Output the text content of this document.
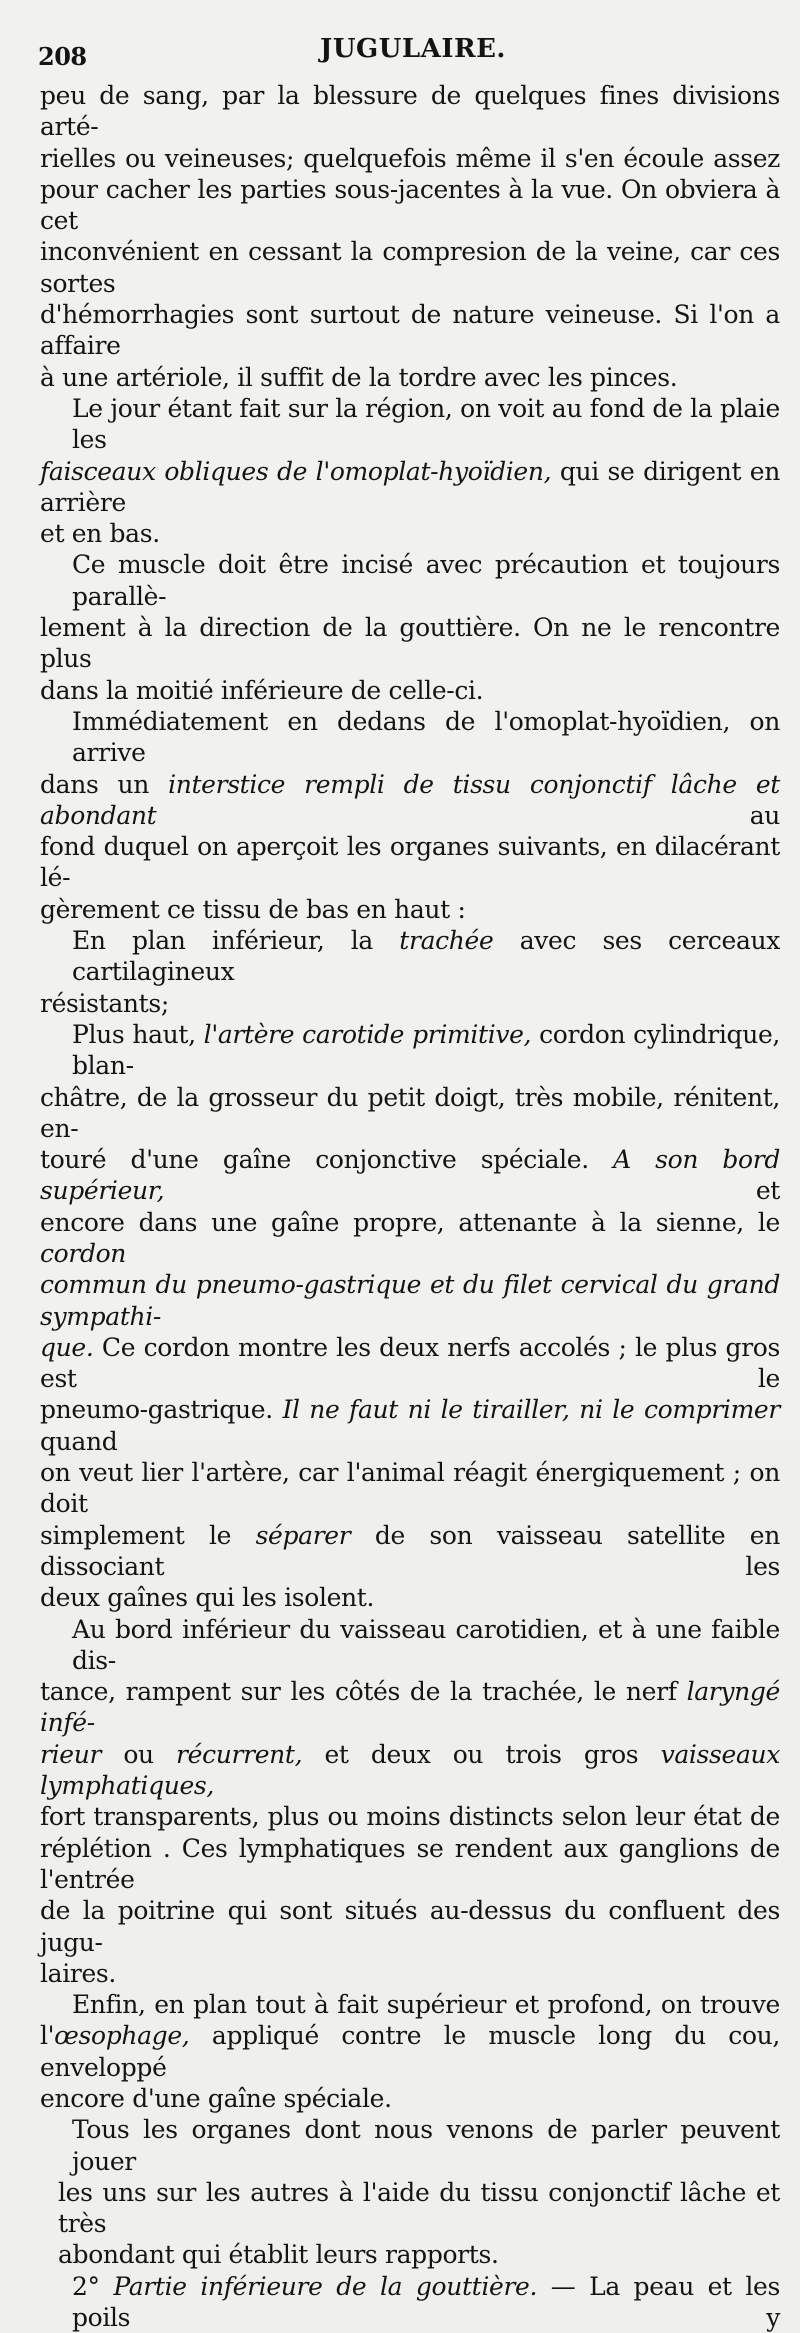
208	JUGULAIRE.
peu de sang, par la blessure de quelques fines divisions arté-
rielles ou veineuses; quelquefois même il s'en écoule assez
pour cacher les parties sous-jacentes à la vue. On obviera à cet
inconvénient en cessant la compresion de la veine, car ces sortes
d'hémorrhagies sont surtout de nature veineuse. Si l'on a affaire
à une artériole, il suffit de la tordre avec les pinces.
Le jour étant fait sur la région, on voit au fond de la plaie les
faisceaux obliques de l'omoplat-hyoïdien, qui se dirigent en arrière
et en bas.
Ce muscle doit être incisé avec précaution et toujours parallè-
lement à la direction de la gouttière. On ne le rencontre plus
dans la moitié inférieure de celle-ci.
Immédiatement en dedans de l'omoplat-hyoïdien, on arrive
dans un interstice rempli de tissu conjonctif lâche et abondant au
fond duquel on aperçoit les organes suivants, en dilacérant lé-
gèrement ce tissu de bas en haut :
En plan inférieur, la trachée avec ses cerceaux cartilagineux
résistants;
Plus haut, l'artère carotide primitive, cordon cylindrique, blan-
châtre, de la grosseur du petit doigt, très mobile, rénitent, en-
touré d'une gaîne conjonctive spéciale. A son bord supérieur, et
encore dans une gaîne propre, attenante à la sienne, le cordon
commun du pneumo-gastrique et du filet cervical du grand sympathi-
que. Ce cordon montre les deux nerfs accolés ; le plus gros est le
pneumo-gastrique. Il ne faut ni le tirailler, ni le comprimer quand
on veut lier l'artère, car l'animal réagit énergiquement ; on doit
simplement le séparer de son vaisseau satellite en dissociant les
deux gaînes qui les isolent.
Au bord inférieur du vaisseau carotidien, et à une faible dis-
tance, rampent sur les côtés de la trachée, le nerf laryngé infé-
rieur ou récurrent, et deux ou trois gros vaisseaux lymphatiques,
fort transparents, plus ou moins distincts selon leur état de
réplétion . Ces lymphatiques se rendent aux ganglions de l'entrée
de la poitrine qui sont situés au-dessus du confluent des jugu-
laires.
Enfin, en plan tout à fait supérieur et profond, on trouve
l'œsophage, appliqué contre le muscle long du cou, enveloppé
encore d'une gaîne spéciale.
Tous les organes dont nous venons de parler peuvent jouer
les uns sur les autres à l'aide du tissu conjonctif lâche et très
abondant qui établit leurs rapports.
2° Partie inférieure de la gouttière. — La peau et les poils y
